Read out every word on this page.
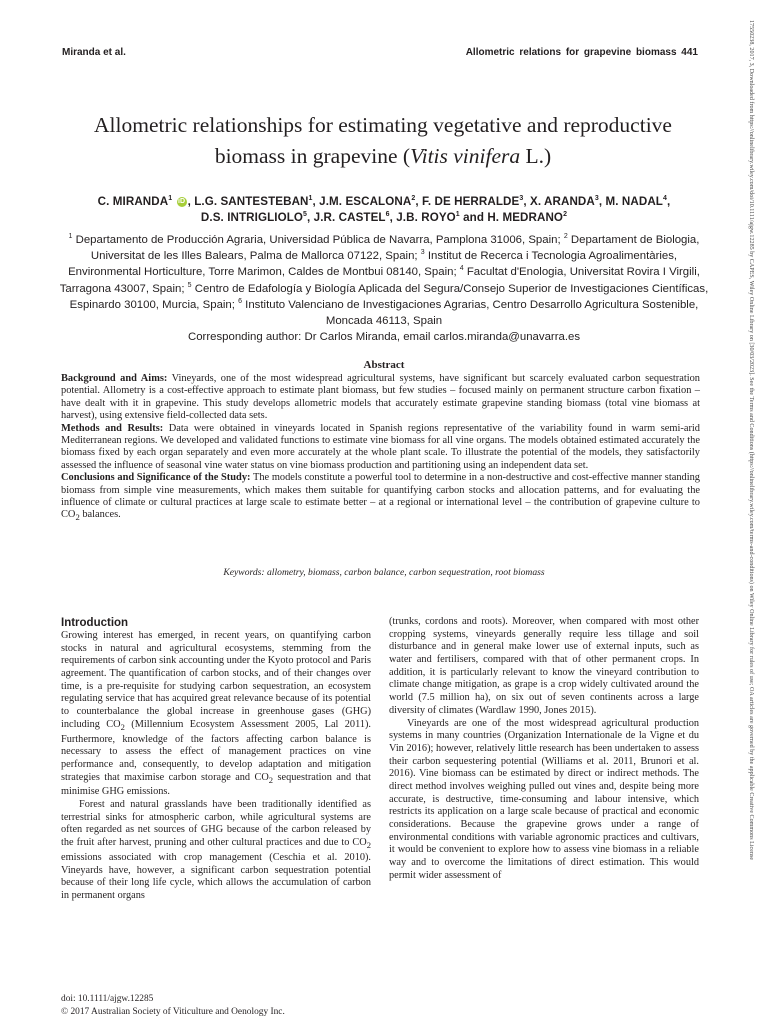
Miranda et al.	Allometric relations for grapevine biomass 441
Allometric relationships for estimating vegetative and reproductive
biomass in grapevine (Vitis vinifera L.)
C. MIRANDA$^1$ iD , L.G. SANTESTEBAN$^1$, J.M. ESCALONA$^2$, F. DE HERRALDE$^3$, X. ARANDA$^3$, M. NADAL$^4$,
D.S. INTRIGLIOLO$^5$, J.R. CASTEL$^6$, J.B. ROYO$^1$ and H. MEDRANO$^2$
$^1$ Departamento de Producción Agraria, Universidad Pública de Navarra, Pamplona 31006, Spain; $^2$ Departament de Biologia, Universitat de les Illes Balears, Palma de Mallorca 07122, Spain; $^3$ Institut de Recerca i Tecnologia Agroalimentàries, Environmental Horticulture, Torre Marimon, Caldes de Montbui 08140, Spain; $^4$ Facultat d'Enologia, Universitat Rovira I Virgili, Tarragona 43007, Spain; $^5$ Centro de Edafología y Biología Aplicada del Segura/Consejo Superior de Investigaciones Científicas, Espinardo 30100, Murcia, Spain; $^6$ Instituto Valenciano de Investigaciones Agrarias, Centro Desarrollo Agricultura Sostenible, Moncada 46113, Spain
Corresponding author: Dr Carlos Miranda, email carlos.miranda@unavarra.es
Abstract

Background and Aims: Vineyards, one of the most widespread agricultural systems, have significant but scarcely evaluated carbon sequestration potential. Allometry is a cost-effective approach to estimate plant biomass, but few studies – focused mainly on permanent structure carbon fixation – have dealt with it in grapevine. This study develops allometric models that accurately estimate grapevine standing biomass (total vine biomass at harvest), using extensive field-collected data sets.

Methods and Results: Data were obtained in vineyards located in Spanish regions representative of the variability found in warm semi-arid Mediterranean regions. We developed and validated functions to estimate vine biomass for all vine organs. The models obtained estimated accurately the biomass fixed by each organ separately and even more accurately at the whole plant scale. To illustrate the potential of the models, they satisfactorily assessed the influence of seasonal vine water status on vine biomass production and partitioning using an independent data set.

Conclusions and Significance of the Study: The models constitute a powerful tool to determine in a non-destructive and cost-effective manner standing biomass from simple vine measurements, which makes them suitable for quantifying carbon stocks and allocation patterns, and for evaluating the influence of climate or cultural practices at large scale to estimate better – at a regional or international level – the contribution of grapevine culture to $CO_2$ balances.

Keywords: allometry, biomass, carbon balance, carbon sequestration, root biomass
Introduction

Growing interest has emerged, in recent years, on quantifying carbon stocks in natural and agricultural ecosystems, stemming from the requirements of carbon sink accounting under the Kyoto protocol and Paris agreement. The quantification of carbon stocks, and of their changes over time, is a pre-requisite for studying carbon sequestration, an ecosystem regulating service that has acquired great relevance because of its potential to counterbalance the global increase in greenhouse gases (GHG) including $CO_2$ (Millennium Ecosystem Assessment 2005, Lal 2011). Furthermore, knowledge of the factors affecting carbon balance is necessary to assess the effect of management practices on vine performance and, consequently, to develop adaptation and mitigation strategies that maximise carbon storage and $CO_2$ sequestration and that minimise GHG emissions.

Forest and natural grasslands have been traditionally identified as terrestrial sinks for atmospheric carbon, while agricultural systems are often regarded as net sources of GHG because of the carbon released by the fruit after harvest, pruning and other cultural practices and due to $CO_2$ emissions associated with crop management (Ceschia et al. 2010). Vineyards have, however, a significant carbon sequestration potential because of their long life cycle, which allows the accumulation of carbon in permanent organs

(trunks, cordons and roots). Moreover, when compared with most other cropping systems, vineyards generally require less tillage and soil disturbance and in general make lower use of external inputs, such as water and fertilisers, compared with that of other permanent crops. In addition, it is particularly relevant to know the vineyard contribution to climate change mitigation, as grape is a crop widely cultivated around the world (7.5 million ha), on six out of seven continents across a large diversity of climates (Wardlaw 1990, Jones 2015).

Vineyards are one of the most widespread agricultural production systems in many countries (Organization Internationale de la Vigne et du Vin 2016); however, relatively little research has been undertaken to assess their carbon sequestering potential (Williams et al. 2011, Brunori et al. 2016). Vine biomass can be estimated by direct or indirect methods. The direct method involves weighing pulled out vines and, despite being more accurate, is destructive, time-consuming and labour intensive, which restricts its application on a large scale because of practical and economic considerations. Because the grapevine grows under a range of environmental conditions with variable agronomic practices and cultivars, it would be convenient to explore how to assess vine biomass in a reliable way and to overcome the limitations of direct estimation. This would permit wider assessment of

doi: 10.1111/ajgw.12285
© 2017 Australian Society of Viticulture and Oenology Inc.
17550238, 2017, 3, Downloaded from https://onlinelibrary.wiley.com/doi/10.1111/ajgw.12285 by CAPES, Wiley Online Library on [30/03/2023]. See the Terms and Conditions (https://onlinelibrary.wiley.com/terms-and-conditions) on Wiley Online Library for rules of use; OA articles are governed by the applicable Creative Commons License
